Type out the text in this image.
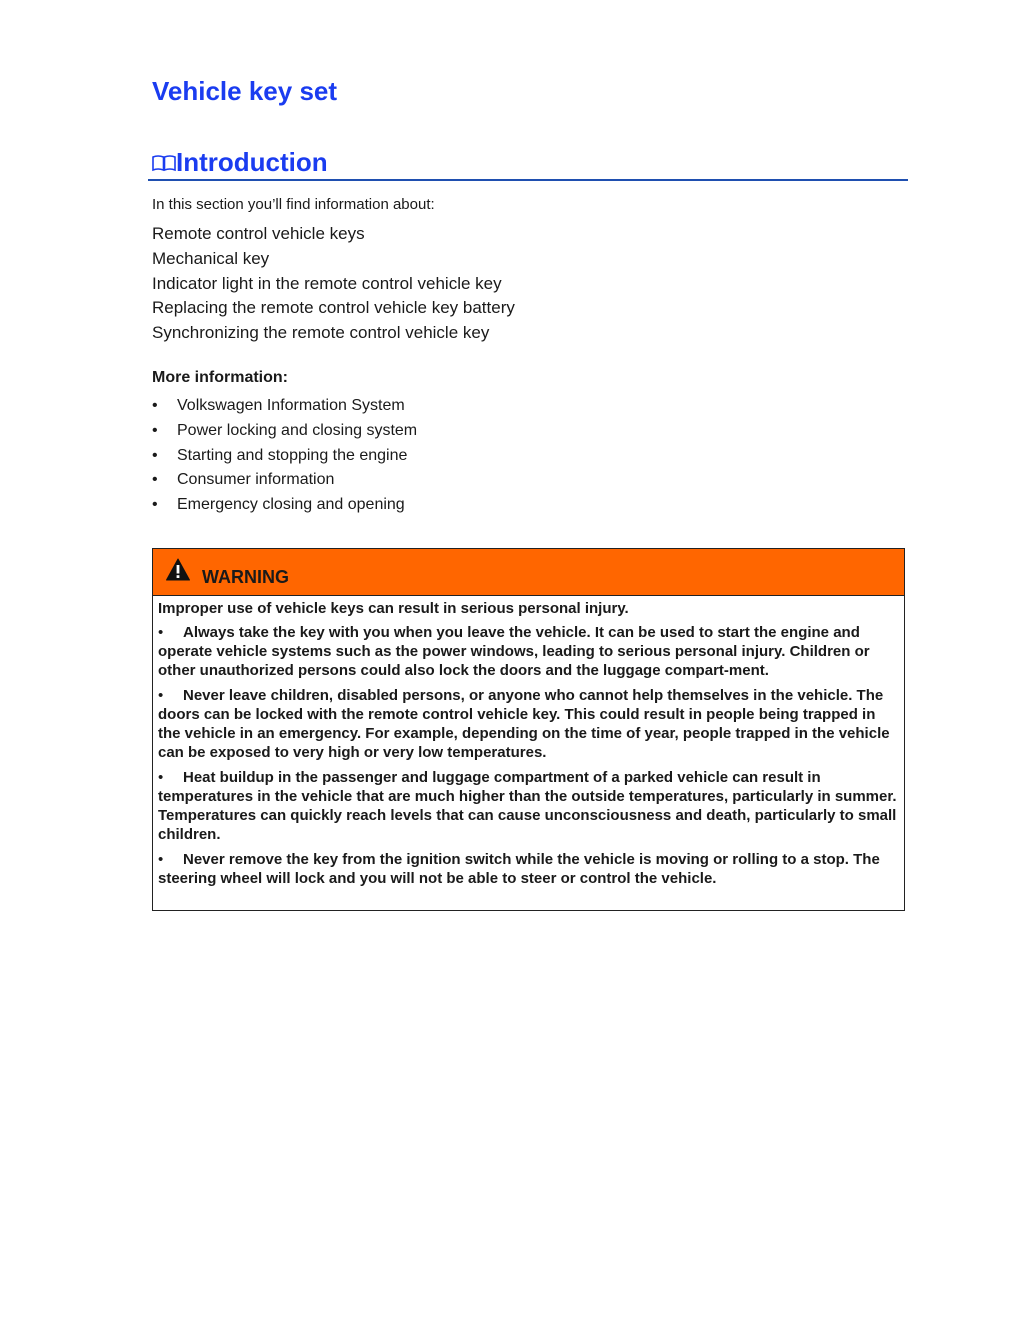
Vehicle key set
Introduction
In this section you’ll find information about:
Remote control vehicle keys
Mechanical key
Indicator light in the remote control vehicle key
Replacing the remote control vehicle key battery
Synchronizing the remote control vehicle key
More information:
• Volkswagen Information System
• Power locking and closing system
• Starting and stopping the engine
• Consumer information
• Emergency closing and opening
WARNING
Improper use of vehicle keys can result in serious personal injury.
• Always take the key with you when you leave the vehicle. It can be used to start the engine and operate vehicle systems such as the power windows, leading to serious personal injury. Children or other unauthorized persons could also lock the doors and the luggage compart-ment.
• Never leave children, disabled persons, or anyone who cannot help themselves in the vehicle. The doors can be locked with the remote control vehicle key. This could result in people being trapped in the vehicle in an emergency. For example, depending on the time of year, people trapped in the vehicle can be exposed to very high or very low temperatures.
• Heat buildup in the passenger and luggage compartment of a parked vehicle can result in temperatures in the vehicle that are much higher than the outside temperatures, particularly in summer. Temperatures can quickly reach levels that can cause unconsciousness and death, particularly to small children.
• Never remove the key from the ignition switch while the vehicle is moving or rolling to a stop. The steering wheel will lock and you will not be able to steer or control the vehicle.
